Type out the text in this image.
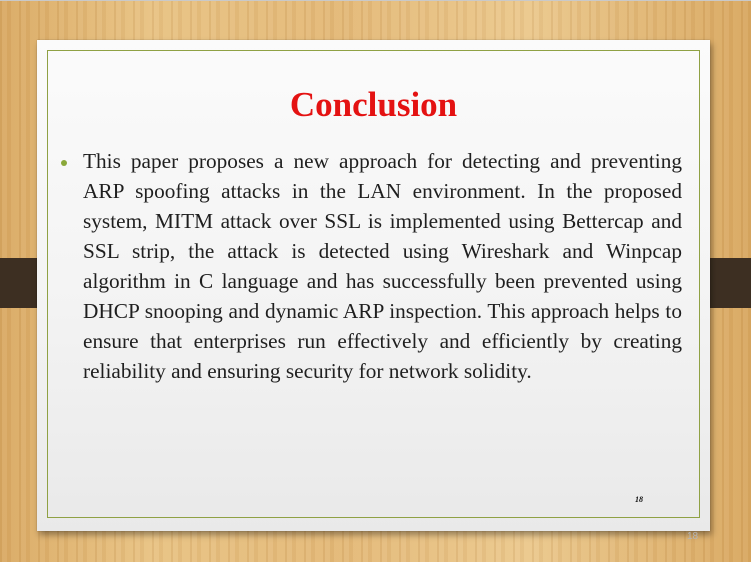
Conclusion
This paper proposes a new approach for detecting and preventing ARP spoofing attacks in the LAN environment. In the proposed system, MITM attack over SSL is implemented using Bettercap and SSL strip, the attack is detected using Wireshark and Winpcap algorithm in C language and has successfully been prevented using DHCP snooping and dynamic ARP inspection. This approach helps to ensure that enterprises run effectively and efficiently by creating reliability and ensuring security for network solidity.
18
18
